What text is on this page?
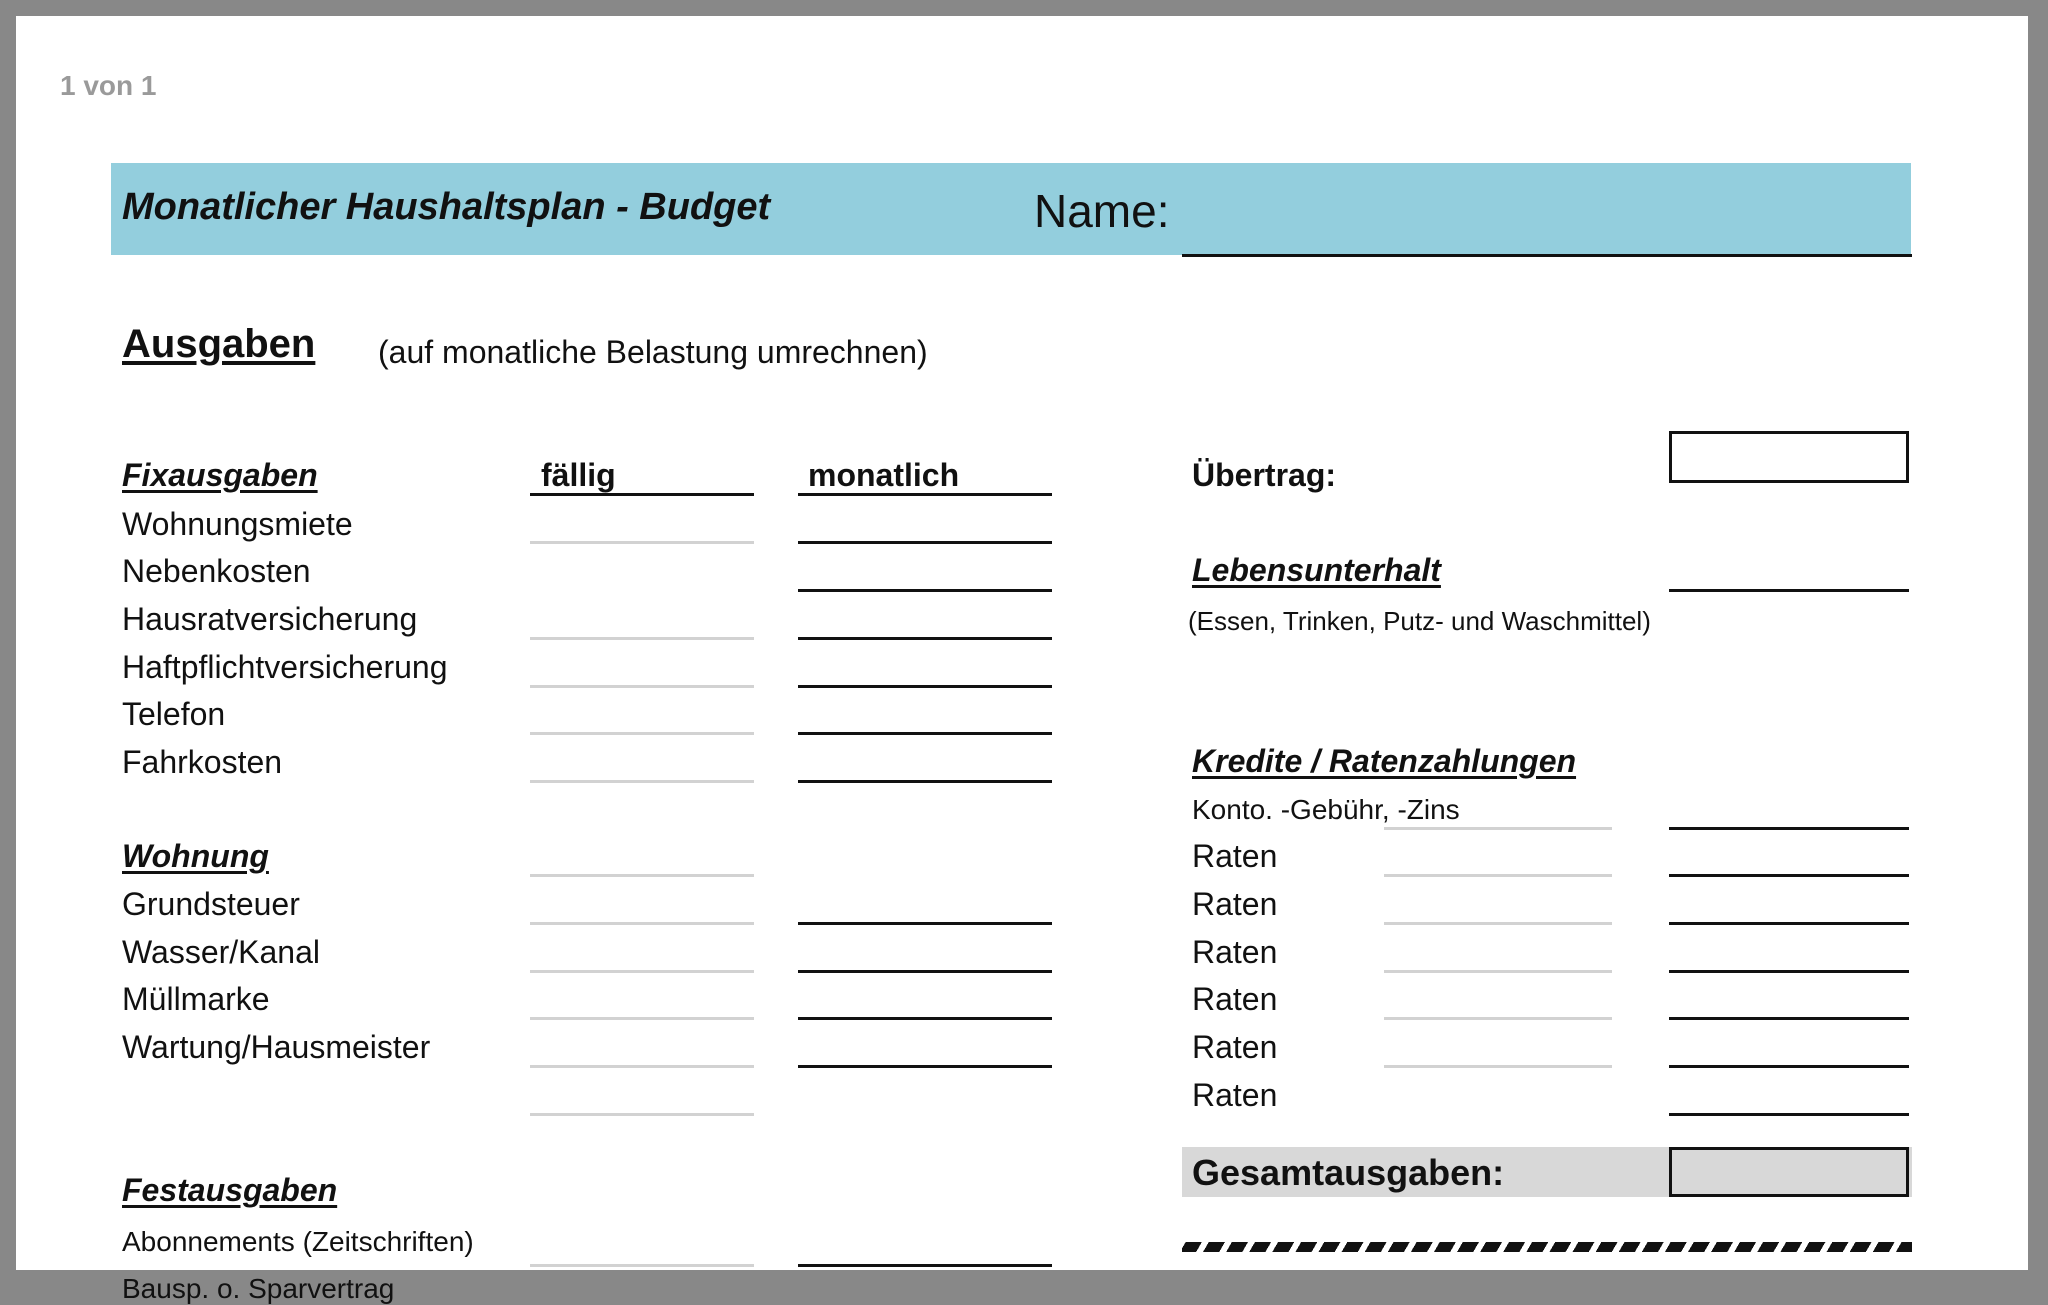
1 von 1
Monatlicher Haushaltsplan - Budget	Name:
Ausgaben (auf monatliche Belastung umrechnen)
Fixausgaben	fällig	monatlich
Wohnungsmiete
Nebenkosten
Hausratversicherung
Haftpflichtversicherung
Telefon
Fahrkosten
Wohnung
Grundsteuer
Wasser/Kanal
Müllmarke
Wartung/Hausmeister
Festausgaben
Abonnements (Zeitschriften)
Bausp. o. Sparvertrag
Übertrag:
Lebensunterhalt
(Essen, Trinken, Putz- und Waschmittel)
Kredite / Ratenzahlungen
Konto. -Gebühr, -Zins
Raten
Raten
Raten
Raten
Raten
Raten
Gesamtausgaben:
